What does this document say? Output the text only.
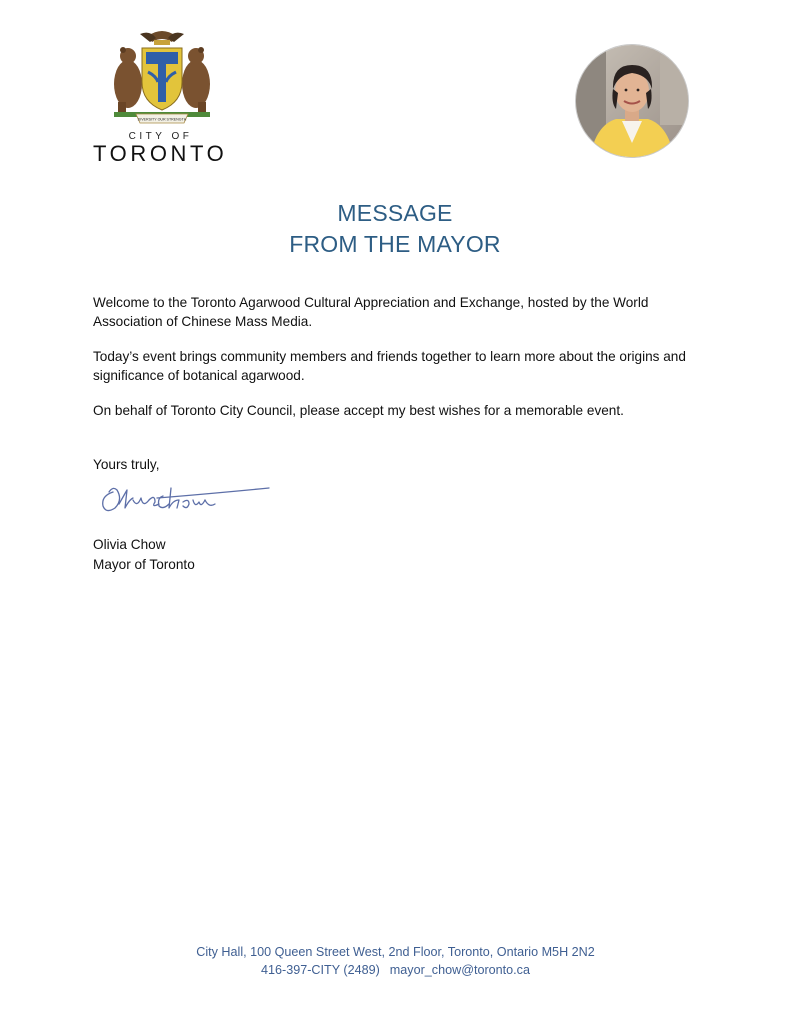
DIVERSITY OUR STRENGTH
CITY OF
TORONTO
MESSAGE
FROM THE MAYOR

Welcome to the Toronto Agarwood Cultural Appreciation and Exchange, hosted by the World Association of Chinese Mass Media.

Today’s event brings community members and friends together to learn more about the origins and significance of botanical agarwood.

On behalf of Toronto City Council, please accept my best wishes for a memorable event.

Yours truly,

Olivia Chow

Mayor of Toronto

City Hall, 100 Queen Street West, 2nd Floor, Toronto, Ontario M5H 2N2
416-397-CITY (2489) mayor_chow@toronto.ca
